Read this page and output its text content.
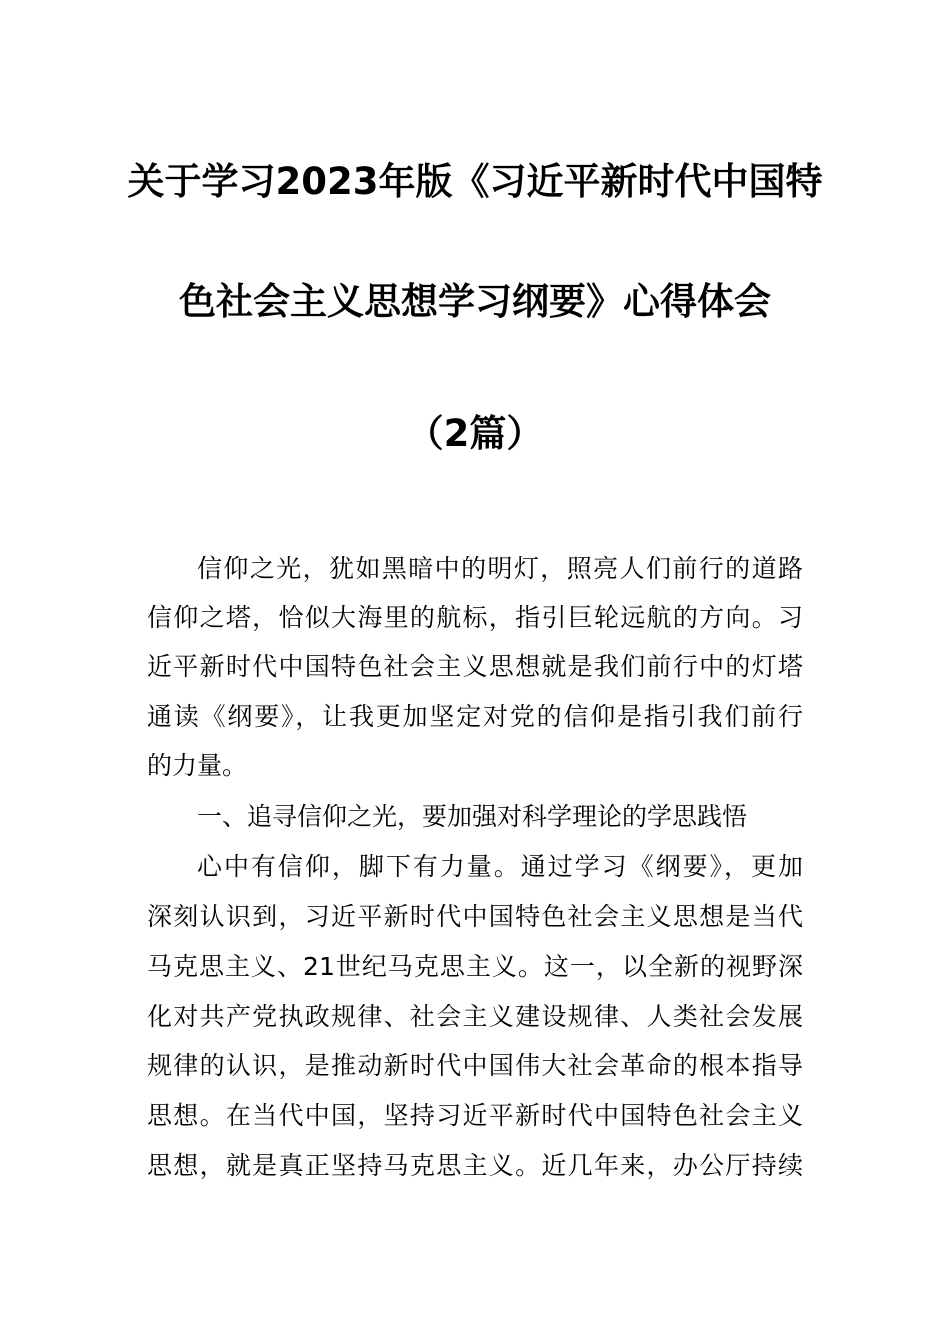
关于学习2023年版《习近平新时代中国特
色社会主义思想学习纲要》心得体会
（2篇）
信仰之光，犹如黑暗中的明灯，照亮人们前行的道路
信仰之塔，恰似大海里的航标，指引巨轮远航的方向。习
近平新时代中国特色社会主义思想就是我们前行中的灯塔
通读《纲要》，让我更加坚定对党的信仰是指引我们前行
的力量。
一、追寻信仰之光，要加强对科学理论的学思践悟
心中有信仰，脚下有力量。通过学习《纲要》，更加
深刻认识到，习近平新时代中国特色社会主义思想是当代
马克思主义、21世纪马克思主义。这一，以全新的视野深
化对共产党执政规律、社会主义建设规律、人类社会发展
规律的认识，是推动新时代中国伟大社会革命的根本指导
思想。在当代中国，坚持习近平新时代中国特色社会主义
思想，就是真正坚持马克思主义。近几年来，办公厅持续
